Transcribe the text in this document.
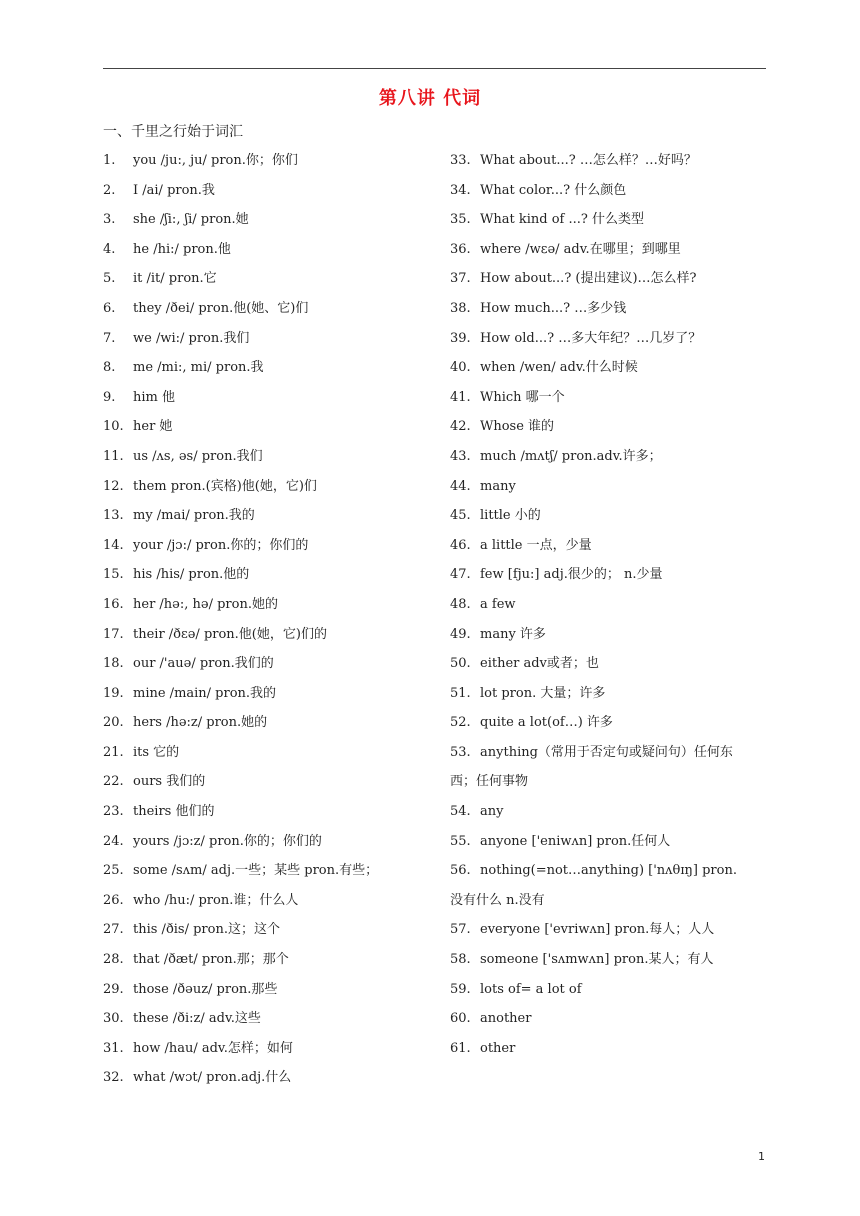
第八讲 代词
一、千里之行始于词汇
1.	you /ju:, ju/ pron.你；你们
2.	I /ai/ pron.我
3.	she /ʃi:, ʃi/ pron.她
4.	he /hi:/ pron.他
5.	it /it/ pron.它
6.	they /ðei/ pron.他(她、它)们
7.	we /wi:/ pron.我们
8.	me /mi:, mi/ pron.我
9.	him 他
10. her 她
11. us /ʌs, əs/ pron.我们
12. them pron.(宾格)他(她，它)们
13. my /mai/ pron.我的
14. your /jɔ:/ pron.你的；你们的
15. his /his/ pron.他的
16. her /hə:, hə/ pron.她的
17. their /ðɛə/ pron.他(她，它)们的
18. our /'auə/ pron.我们的
19. mine /main/ pron.我的
20. hers /hə:z/ pron.她的
21. its 它的
22. ours 我们的
23. theirs 他们的
24. yours /jɔ:z/ pron.你的；你们的
25. some /sʌm/ adj.一些；某些 pron.有些；
26. who /hu:/ pron.谁；什么人
27. this /ðis/ pron.这；这个
28. that /ðæt/ pron.那；那个
29. those /ðəuz/ pron.那些
30. these /ði:z/ adv.这些
31. how /hau/ adv.怎样；如何
32. what /wɔt/ pron.adj.什么
33. What about...? …怎么样？…好吗？
34. What color...? 什么颜色
35. What kind of ...? 什么类型
36. where /wεə/ adv.在哪里；到哪里
37. How about...? (提出建议)…怎么样?
38. How much...? …多少钱
39. How old...? …多大年纪？…几岁了？
40. when /wen/ adv.什么时候
41. Which 哪一个
42. Whose 谁的
43. much /mʌtʃ/ pron.adv.许多；
44. many
45. little 小的
46. a little 一点，少量
47. few [fju:] adj.很少的； n.少量
48. a few
49. many 许多
50. either adv或者；也
51. lot pron. 大量；许多
52. quite a lot(of…) 许多
53. anything（常用于否定句或疑问句）任何东
西；任何事物
54. any
55. anyone ['eniwʌn] pron.任何人
56. nothing(=not…anything) ['nʌθɪŋ] pron.
没有什么 n.没有
57. everyone ['evriwʌn] pron.每人；人人
58. someone ['sʌmwʌn] pron.某人；有人
59. lots of= a lot of
60. another
61. other
1
